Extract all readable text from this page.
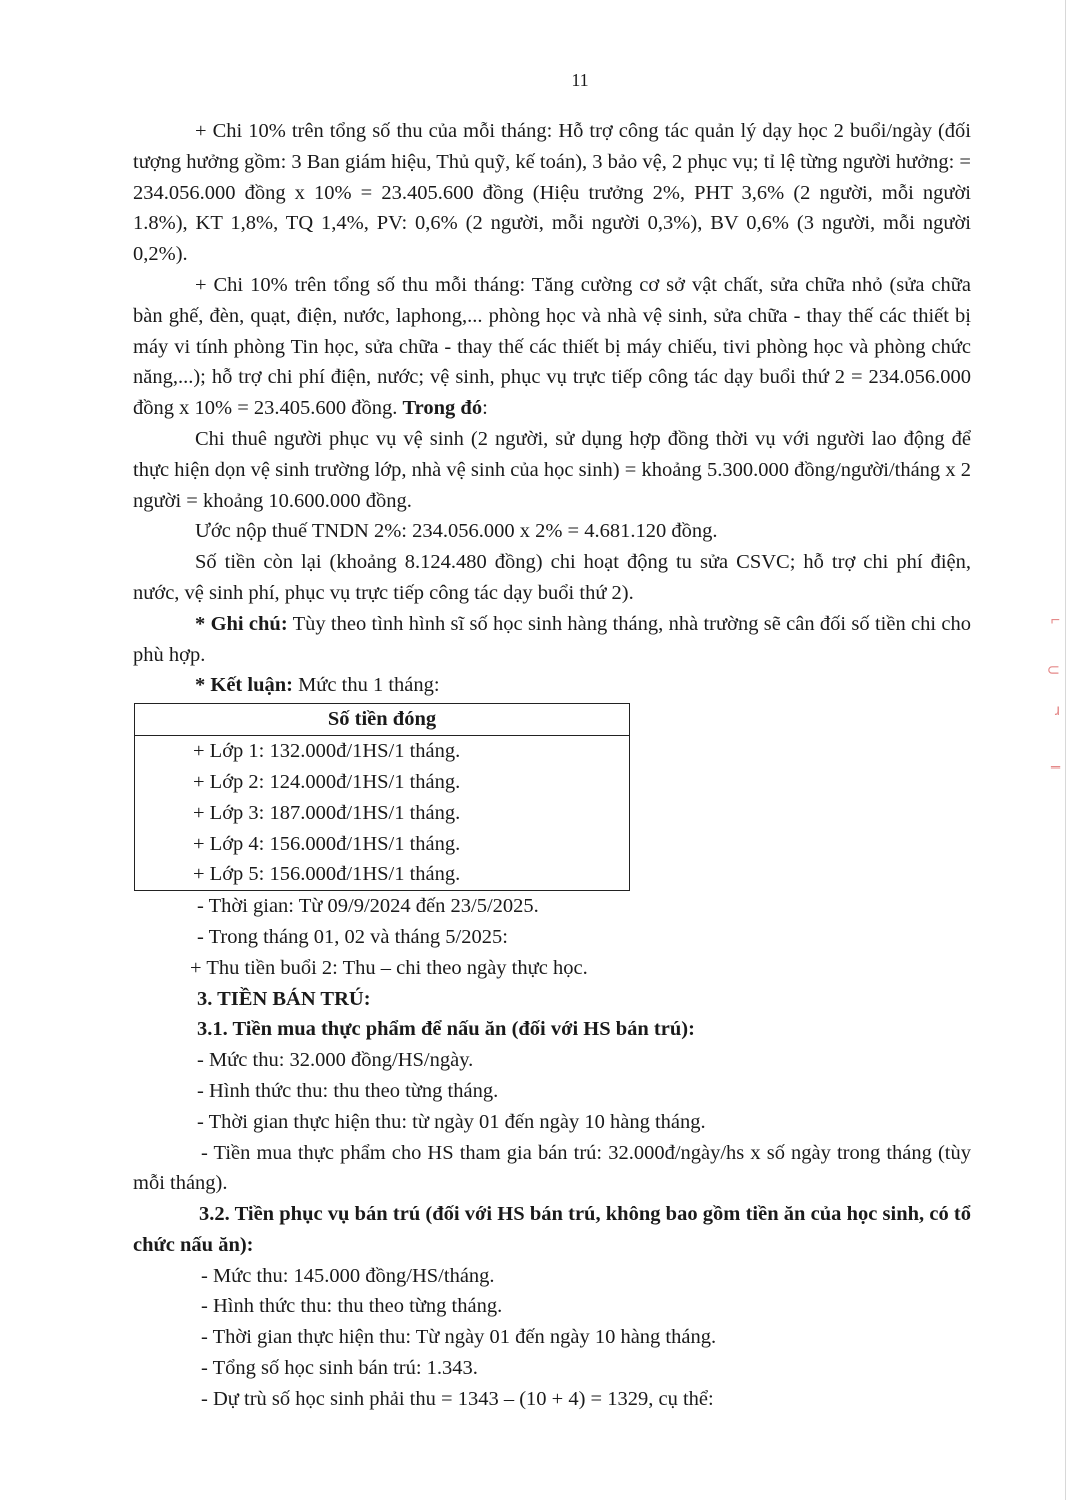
11

+ Chi 10% trên tổng số thu của mỗi tháng: Hỗ trợ công tác quản lý dạy học 2 buổi/ngày (đối tượng hưởng gồm: 3 Ban giám hiệu, Thủ quỹ, kế toán), 3 bảo vệ, 2 phục vụ; tỉ lệ từng người hưởng: = 234.056.000 đồng x 10% = 23.405.600 đồng (Hiệu trưởng 2%, PHT 3,6% (2 người, mỗi người 1.8%), KT 1,8%, TQ 1,4%, PV: 0,6% (2 người, mỗi người 0,3%), BV 0,6% (3 người, mỗi người 0,2%).

+ Chi 10% trên tổng số thu mỗi tháng: Tăng cường cơ sở vật chất, sửa chữa nhỏ (sửa chữa bàn ghế, đèn, quạt, điện, nước, laphong,... phòng học và nhà vệ sinh, sửa chữa - thay thế các thiết bị máy vi tính phòng Tin học, sửa chữa - thay thế các thiết bị máy chiếu, tivi phòng học và phòng chức năng,...); hỗ trợ chi phí điện, nước; vệ sinh, phục vụ trực tiếp công tác dạy buổi thứ 2 = 234.056.000 đồng x 10% = 23.405.600 đồng. Trong đó:

Chi thuê người phục vụ vệ sinh (2 người, sử dụng hợp đồng thời vụ với người lao động để thực hiện dọn vệ sinh trường lớp, nhà vệ sinh của học sinh) = khoảng 5.300.000 đồng/người/tháng x 2 người = khoảng 10.600.000 đồng.

Ước nộp thuế TNDN 2%: 234.056.000 x 2% = 4.681.120 đồng.

Số tiền còn lại (khoảng 8.124.480 đồng) chi hoạt động tu sửa CSVC; hỗ trợ chi phí điện, nước, vệ sinh phí, phục vụ trực tiếp công tác dạy buổi thứ 2).

* Ghi chú: Tùy theo tình hình sĩ số học sinh hàng tháng, nhà trường sẽ cân đối số tiền chi cho phù hợp.

* Kết luận: Mức thu 1 tháng:

Số tiền đóng
+ Lớp 1: 132.000đ/1HS/1 tháng.
+ Lớp 2: 124.000đ/1HS/1 tháng.
+ Lớp 3: 187.000đ/1HS/1 tháng.
+ Lớp 4: 156.000đ/1HS/1 tháng.
+ Lớp 5: 156.000đ/1HS/1 tháng.

- Thời gian: Từ 09/9/2024 đến 23/5/2025.

- Trong tháng 01, 02 và tháng 5/2025:

+ Thu tiền buổi 2: Thu – chi theo ngày thực học.

3. TIỀN BÁN TRÚ:

3.1. Tiền mua thực phẩm để nấu ăn (đối với HS bán trú):

- Mức thu: 32.000 đồng/HS/ngày.

- Hình thức thu: thu theo từng tháng.

- Thời gian thực hiện thu: từ ngày 01 đến ngày 10 hàng tháng.

- Tiền mua thực phẩm cho HS tham gia bán trú: 32.000đ/ngày/hs x số ngày trong tháng (tùy mỗi tháng).

3.2. Tiền phục vụ bán trú (đối với HS bán trú, không bao gồm tiền ăn của học sinh, có tổ chức nấu ăn):

- Mức thu: 145.000 đồng/HS/tháng.

- Hình thức thu: thu theo từng tháng.

- Thời gian thực hiện thu: Từ ngày 01 đến ngày 10 hàng tháng.

- Tổng số học sinh bán trú: 1.343.

- Dự trù số học sinh phải thu = 1343 – (10 + 4) = 1329, cụ thể:

⌐
⊂
ɹ
‗
